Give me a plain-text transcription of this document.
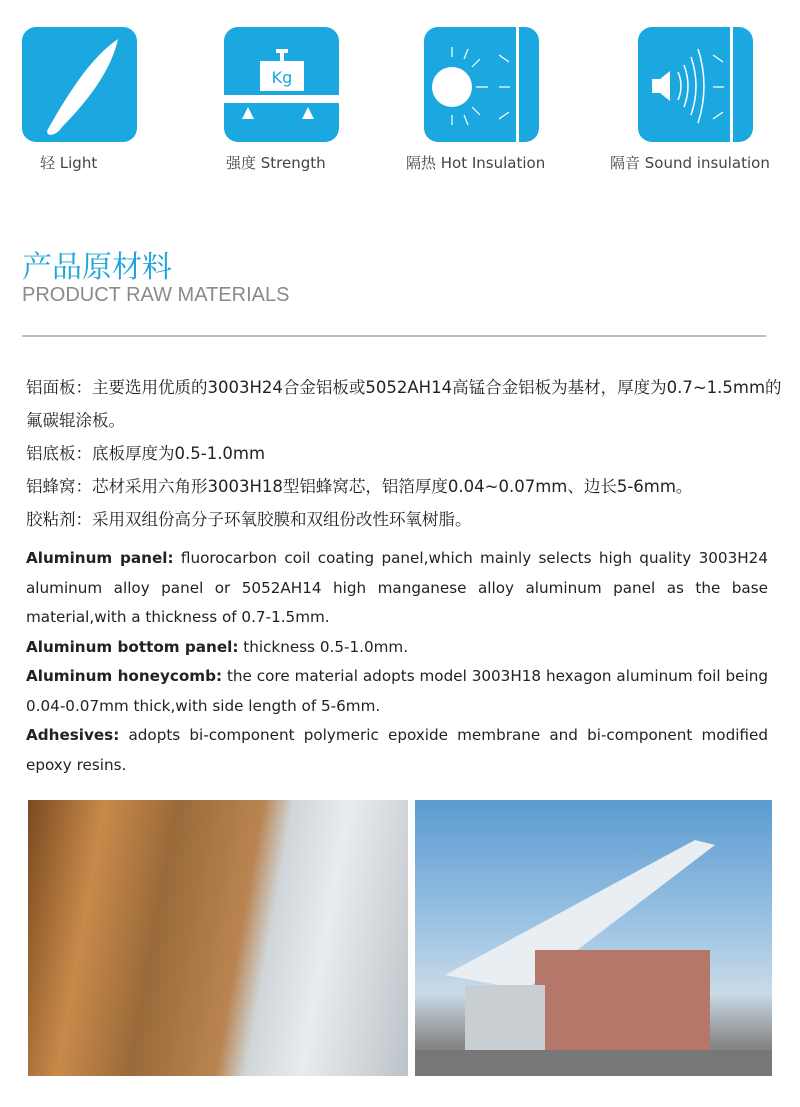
轻 Light
Kg
强度 Strength	隔热 Hot Insulation	隔音 Sound insulation
产品原材料
PRODUCT RAW MATERIALS

铝面板：主要选用优质的3003H24合金铝板或5052AH14高锰合金铝板为基材，厚度为0.7~1.5mm的氟碳辊涂板。

铝底板：底板厚度为0.5-1.0mm

铝蜂窝：芯材采用六角形3003H18型铝蜂窝芯，铝箔厚度0.04~0.07mm、边长5-6mm。

胶粘剂：采用双组份高分子环氧胶膜和双组份改性环氧树脂。

Aluminum panel: fluorocarbon coil coating panel,which mainly selects high quality 3003H24 aluminum alloy panel or 5052AH14 high manganese alloy aluminum panel as the base material,with a thickness of 0.7-1.5mm.

Aluminum bottom panel: thickness 0.5-1.0mm.

Aluminum honeycomb: the core material adopts model 3003H18 hexagon aluminum foil being 0.04-0.07mm thick,with side length of 5-6mm.

Adhesives: adopts bi-component polymeric epoxide membrane and bi-component modified epoxy resins.
